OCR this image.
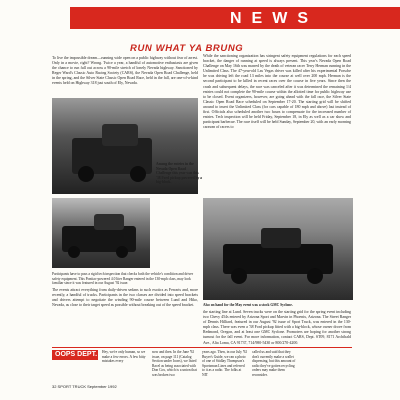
NEWS
RUN WHAT YA BRUNG

To live the impossible dream—running wide open on a public highway without fear of arrest. Only in a movie, right? Wrong. Twice a year, a handful of automotive enthusiasts are given the chance to run full out across a 90-mile stretch of lonely Nevada highway. Sanctioned by Reger Ward's Classic Auto Racing Society (CARS), the Nevada Open Road Challenge, held in the spring, and the Silver State Classic Open Road Race, held in the fall, are one-of-a-kind events held on Highway 318 just south of Ely, Nevada.

While the sanctioning organization has stringent safety equipment regulations for each speed bracket, the danger of running at speed is always present. This year's Nevada Open Road Challenge on May 16th was marred by the death of veteran racer Terry Herman running in the Unlimited Class. The 47-year-old Las Vegas driver was killed after his experimental Porsche he was driving left the road 13 miles into the course at well over 200 mph. Herman is the second participant to be killed in recent races over the course in five years. Since then the crash and subsequent delays, the race was canceled after it was determined the remaining 1/4 entries could not complete the 90-mile course within the allotted time for public highway use to be closed. Event organizers, however, are going ahead with the fall race, the Silver State Classic Open Road Race scheduled on September 17-20. The starting grid will be shifted around to insert the Unlimited Class (for cars capable of 180 mph and above) last instead of first. Officials also scheduled another two hours to compensate for the increased number of entries. Tech inspection will be held Friday, September 18, in Ely as well as a car show and participant barbecue. The race itself will be held Sunday, September 20, with an early morning caravan of racers to

Among the entries in the Nevada Open Road Challenge this year was this '38 Ford pickup powered by a big-block.
Participants have to pass a rigid tech inspection that checks both the vehicle's condition and driver safety equipment. This Pontiac-powered 4.0 liter Ranger entered in the 130-mph class, may look familiar since it was featured in our August '92 issue.
Also on hand for the May event was a stock GMC Syclone.

The events attract everything from daily-driven sedans to such exotics as Ferraris and, more recently, a handful of trucks. Participants in the two classes are divided into speed brackets and drivers attempt to negotiate the winding 90-mile course between Lund and Hiko, Nevada, as close to their target speed as possible without breaking out of the speed bracket.

the starting line at Lund. Seven trucks were on the starting grid for the spring event including two Chevy 454s entered by Arizona Sport and Marvin in Phoenix, Arizona. The Street Ranger of Dennis Hilliard, featured in our August '92 issue of Sport Truck, was entered in the 130-mph class. There was even a '38 Ford pickup fitted with a big-block, whose owner drove from Redmond, Oregon, and at least one GMC Syclone. Promoters are hoping for another strong turnout for the fall event. For more information, contact CARS, Dept. ST09, 8171 Archibald Ave., Alta Loma, CA 91737, 714/980-5430 or 800/270-4200.

OOPS DEPT. Hey, we're only human, so we make a few errors. A few bitty mistakes every
now and then. In the June '92 issue, on page 111 (Catalog Section under Icons), we listed Racel as being associated with Don Cox, which is a union that was broken two
years ago. Then, in our July '92 Buyer's Guide, we ran a photo of one of Stidlay Thompson's Sportsman Lines and referred to it as a radio. The folks at NIT
called us and said that they don't currently make a wallet dispensing, but this amount of radio they've gotten recycling orders may make them reconsider.
32 SPORT TRUCK September 1992
